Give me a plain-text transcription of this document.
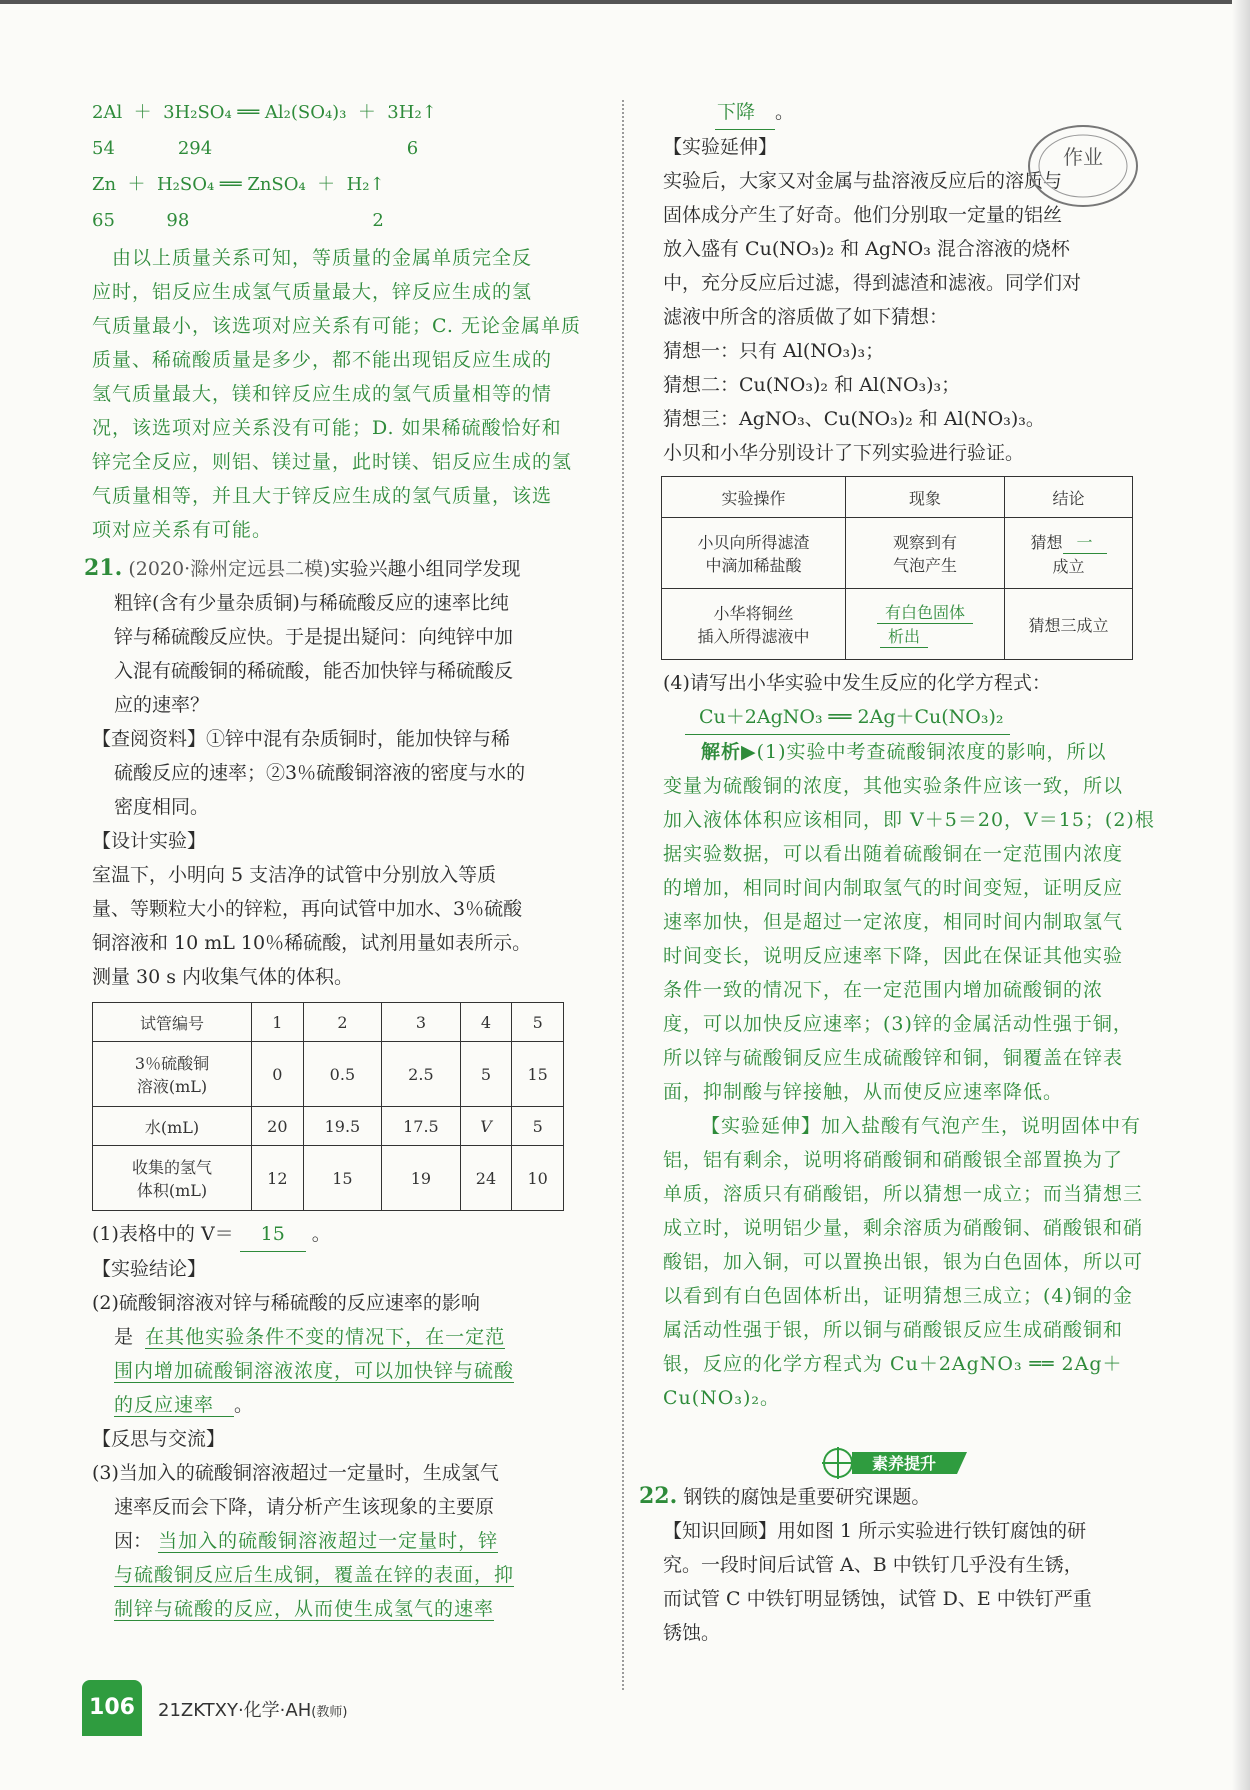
2Al  ＋  3H₂SO₄ ══ Al₂(SO₄)₃  ＋  3H₂↑
54           294                                  6
Zn  ＋  H₂SO₄ ══ ZnSO₄  ＋  H₂↑
65         98                                2
　由以上质量关系可知，等质量的金属单质完全反
应时，铝反应生成氢气质量最大，锌反应生成的氢
气质量最小，该选项对应关系有可能；C. 无论金属单质
质量、稀硫酸质量是多少，都不能出现铝反应生成的
氢气质量最大，镁和锌反应生成的氢气质量相等的情
况，该选项对应关系没有可能；D. 如果稀硫酸恰好和
锌完全反应，则铝、镁过量，此时镁、铝反应生成的氢
气质量相等，并且大于锌反应生成的氢气质量，该选
项对应关系有可能。
21. (2020·滁州定远县二模)实验兴趣小组同学发现
粗锌(含有少量杂质铜)与稀硫酸反应的速率比纯
锌与稀硫酸反应快。于是提出疑问：向纯锌中加
入混有硫酸铜的稀硫酸，能否加快锌与稀硫酸反
应的速率？
【查阅资料】①锌中混有杂质铜时，能加快锌与稀
硫酸反应的速率；②3％硫酸铜溶液的密度与水的
密度相同。
【设计实验】
室温下，小明向 5 支洁净的试管中分别放入等质
量、等颗粒大小的锌粒，再向试管中加水、3％硫酸
铜溶液和 10 mL 10％稀硫酸，试剂用量如表所示。
测量 30 s 内收集气体的体积。
试管编号	1	2	3	4	5
3％硫酸铜
溶液(mL)	0	0.5	2.5	5	15
水(mL)	20	19.5	17.5	V	5
收集的氢气
体积(mL)	12	15	19	24	10
(1)表格中的 V＝ 15 。
【实验结论】
(2)硫酸铜溶液对锌与稀硫酸的反应速率的影响
是 在其他实验条件不变的情况下，在一定范
围内增加硫酸铜溶液浓度，可以加快锌与硫酸
的反应速率 。
【反思与交流】
(3)当加入的硫酸铜溶液超过一定量时，生成氢气
速率反而会下降，请分析产生该现象的主要原
因： 当加入的硫酸铜溶液超过一定量时，锌
与硫酸铜反应后生成铜，覆盖在锌的表面，抑
制锌与硫酸的反应，从而使生成氢气的速率
下降 。
【实验延伸】
实验后，大家又对金属与盐溶液反应后的溶质与
固体成分产生了好奇。他们分别取一定量的铝丝
放入盛有 Cu(NO₃)₂ 和 AgNO₃ 混合溶液的烧杯
中，充分反应后过滤，得到滤渣和滤液。同学们对
滤液中所含的溶质做了如下猜想：
猜想一：只有 Al(NO₃)₃；
猜想二：Cu(NO₃)₂ 和 Al(NO₃)₃；
猜想三：AgNO₃、Cu(NO₃)₂ 和 Al(NO₃)₃。
小贝和小华分别设计了下列实验进行验证。
实验操作	现象	结论
小贝向所得滤渣
中滴加稀盐酸	观察到有
气泡产生	猜想 一
成立
小华将铜丝
插入所得滤液中	有白色固体
析出	猜想三成立
(4)请写出小华实验中发生反应的化学方程式：
Cu＋2AgNO₃ ══ 2Ag＋Cu(NO₃)₂
解析▶(1)实验中考查硫酸铜浓度的影响，所以
变量为硫酸铜的浓度，其他实验条件应该一致，所以
加入液体体积应该相同，即 V＋5＝20，V＝15；(2)根
据实验数据，可以看出随着硫酸铜在一定范围内浓度
的增加，相同时间内制取氢气的时间变短，证明反应
速率加快，但是超过一定浓度，相同时间内制取氢气
时间变长，说明反应速率下降，因此在保证其他实验
条件一致的情况下，在一定范围内增加硫酸铜的浓
度，可以加快反应速率；(3)锌的金属活动性强于铜，
所以锌与硫酸铜反应生成硫酸锌和铜，铜覆盖在锌表
面，抑制酸与锌接触，从而使反应速率降低。
【实验延伸】加入盐酸有气泡产生，说明固体中有
铝，铝有剩余，说明将硝酸铜和硝酸银全部置换为了
单质，溶质只有硝酸铝，所以猜想一成立；而当猜想三
成立时，说明铝少量，剩余溶质为硝酸铜、硝酸银和硝
酸铝，加入铜，可以置换出银，银为白色固体，所以可
以看到有白色固体析出，证明猜想三成立；(4)铜的金
属活动性强于银，所以铜与硝酸银反应生成硝酸铜和
银，反应的化学方程式为 Cu＋2AgNO₃ ══ 2Ag＋
Cu(NO₃)₂。
22. 钢铁的腐蚀是重要研究课题。
【知识回顾】用如图 1 所示实验进行铁钉腐蚀的研
究。一段时间后试管 A、B 中铁钉几乎没有生锈，
而试管 C 中铁钉明显锈蚀，试管 D、E 中铁钉严重
锈蚀。
素养提升
作业
106	21ZKTXY·化学·AH(教师)
